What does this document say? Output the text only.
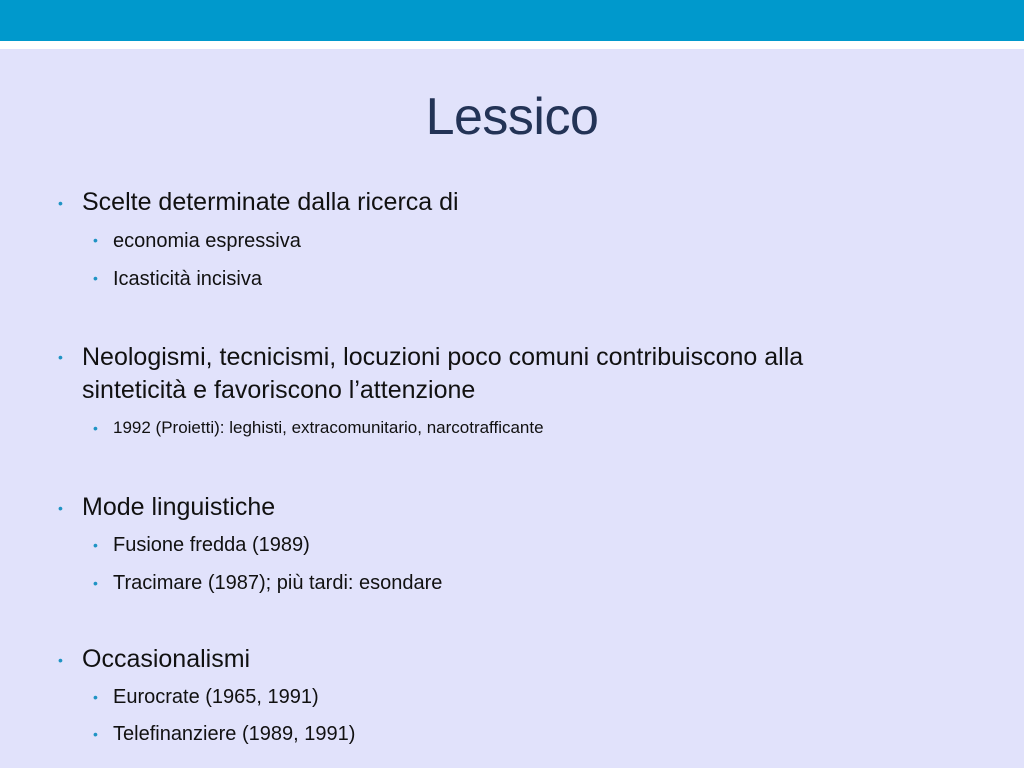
Lessico
• Scelte determinate dalla ricerca di
• economia espressiva
• Icasticità incisiva
• Neologismi, tecnicismi, locuzioni poco comuni contribuiscono alla
sinteticità e favoriscono l’attenzione
• 1992 (Proietti): leghisti, extracomunitario, narcotrafficante
• Mode linguistiche
• Fusione fredda (1989)
• Tracimare (1987); più tardi: esondare
• Occasionalismi
• Eurocrate (1965, 1991)
• Telefinanziere (1989, 1991)
